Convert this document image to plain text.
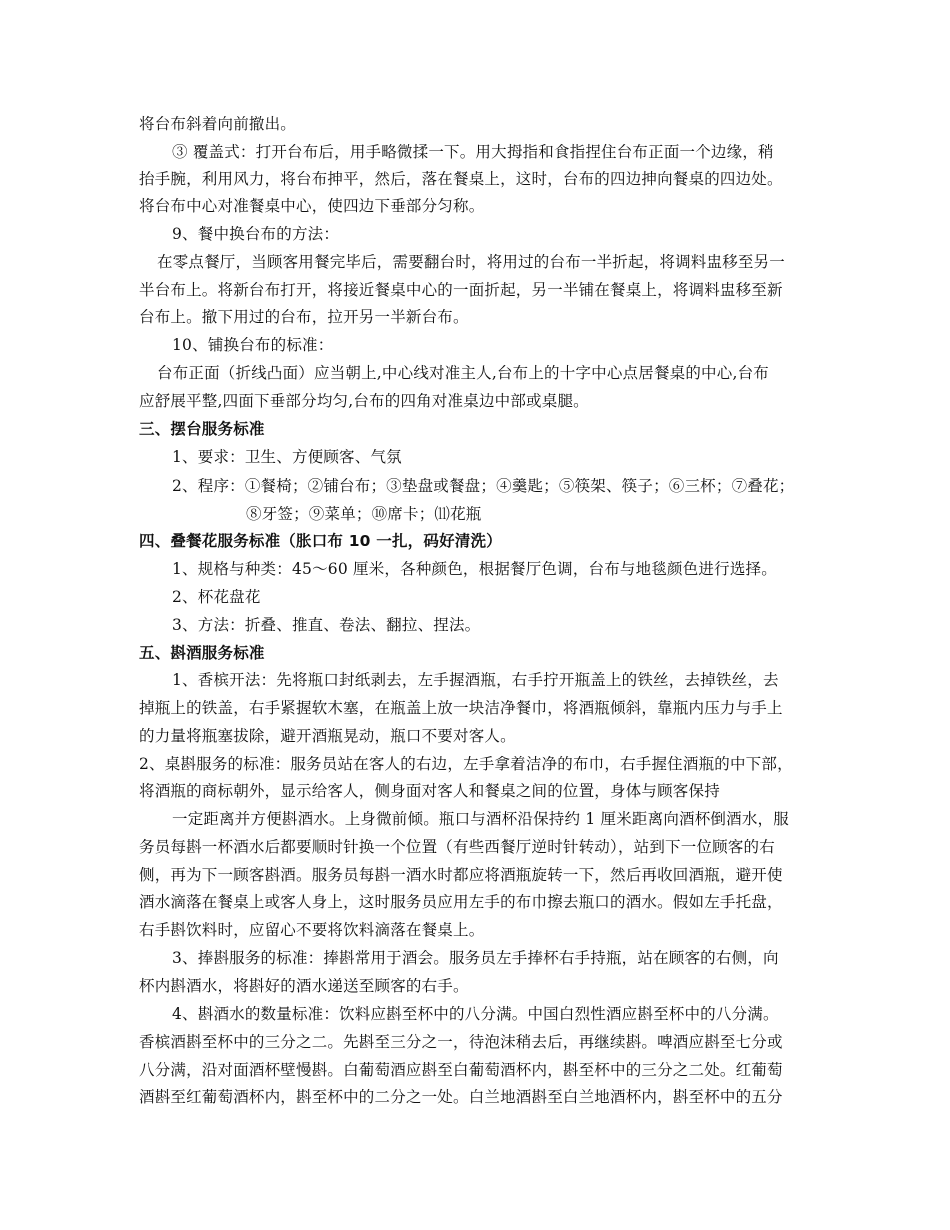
将台布斜着向前撤出。
③ 覆盖式：打开台布后，用手略微揉一下。用大拇指和食指捏住台布正面一个边缘，稍
抬手腕，利用风力，将台布抻平，然后，落在餐桌上，这时，台布的四边抻向餐桌的四边处。
将台布中心对准餐桌中心，使四边下垂部分匀称。
9、餐中换台布的方法：
在零点餐厅，当顾客用餐完毕后，需要翻台时，将用过的台布一半折起，将调料盅移至另一
半台布上。将新台布打开，将接近餐桌中心的一面折起，另一半铺在餐桌上，将调料盅移至新
台布上。撤下用过的台布，拉开另一半新台布。
10、铺换台布的标准：
台布正面（折线凸面）应当朝上,中心线对准主人,台布上的十字中心点居餐桌的中心,台布
应舒展平整,四面下垂部分均匀,台布的四角对准桌边中部或桌腿。
三、摆台服务标准
1、要求：卫生、方便顾客、气氛
2、程序：①餐椅；②铺台布；③垫盘或餐盘；④羹匙；⑤筷架、筷子；⑥三杯；⑦叠花；
⑧牙签；⑨菜单；⑩席卡；⑾花瓶
四、叠餐花服务标准（胀口布 10 一扎，码好清洗）
1、规格与种类：45～60 厘米，各种颜色，根据餐厅色调，台布与地毯颜色进行选择。
2、杯花盘花
3、方法：折叠、推直、卷法、翻拉、捏法。
五、斟酒服务标准
1、香槟开法：先将瓶口封纸剥去，左手握酒瓶，右手拧开瓶盖上的铁丝，去掉铁丝，去
掉瓶上的铁盖，右手紧握软木塞，在瓶盖上放一块洁净餐巾，将酒瓶倾斜，靠瓶内压力与手上
的力量将瓶塞拔除，避开酒瓶晃动，瓶口不要对客人。
2、桌斟服务的标准：服务员站在客人的右边，左手拿着洁净的布巾，右手握住酒瓶的中下部，
将酒瓶的商标朝外，显示给客人，侧身面对客人和餐桌之间的位置，身体与顾客保持
一定距离并方便斟酒水。上身微前倾。瓶口与酒杯沿保持约 1 厘米距离向酒杯倒酒水，服
务员每斟一杯酒水后都要顺时针换一个位置（有些西餐厅逆时针转动），站到下一位顾客的右
侧，再为下一顾客斟酒。服务员每斟一酒水时都应将酒瓶旋转一下，然后再收回酒瓶，避开使
酒水滴落在餐桌上或客人身上，这时服务员应用左手的布巾擦去瓶口的酒水。假如左手托盘，
右手斟饮料时，应留心不要将饮料滴落在餐桌上。
3、捧斟服务的标准：捧斟常用于酒会。服务员左手捧杯右手持瓶，站在顾客的右侧，向
杯内斟酒水，将斟好的酒水递送至顾客的右手。
4、斟酒水的数量标准：饮料应斟至杯中的八分满。中国白烈性酒应斟至杯中的八分满。
香槟酒斟至杯中的三分之二。先斟至三分之一，待泡沫稍去后，再继续斟。啤酒应斟至七分或
八分满，沿对面酒杯壁慢斟。白葡萄酒应斟至白葡萄酒杯内，斟至杯中的三分之二处。红葡萄
酒斟至红葡萄酒杯内，斟至杯中的二分之一处。白兰地酒斟至白兰地酒杯内，斟至杯中的五分
